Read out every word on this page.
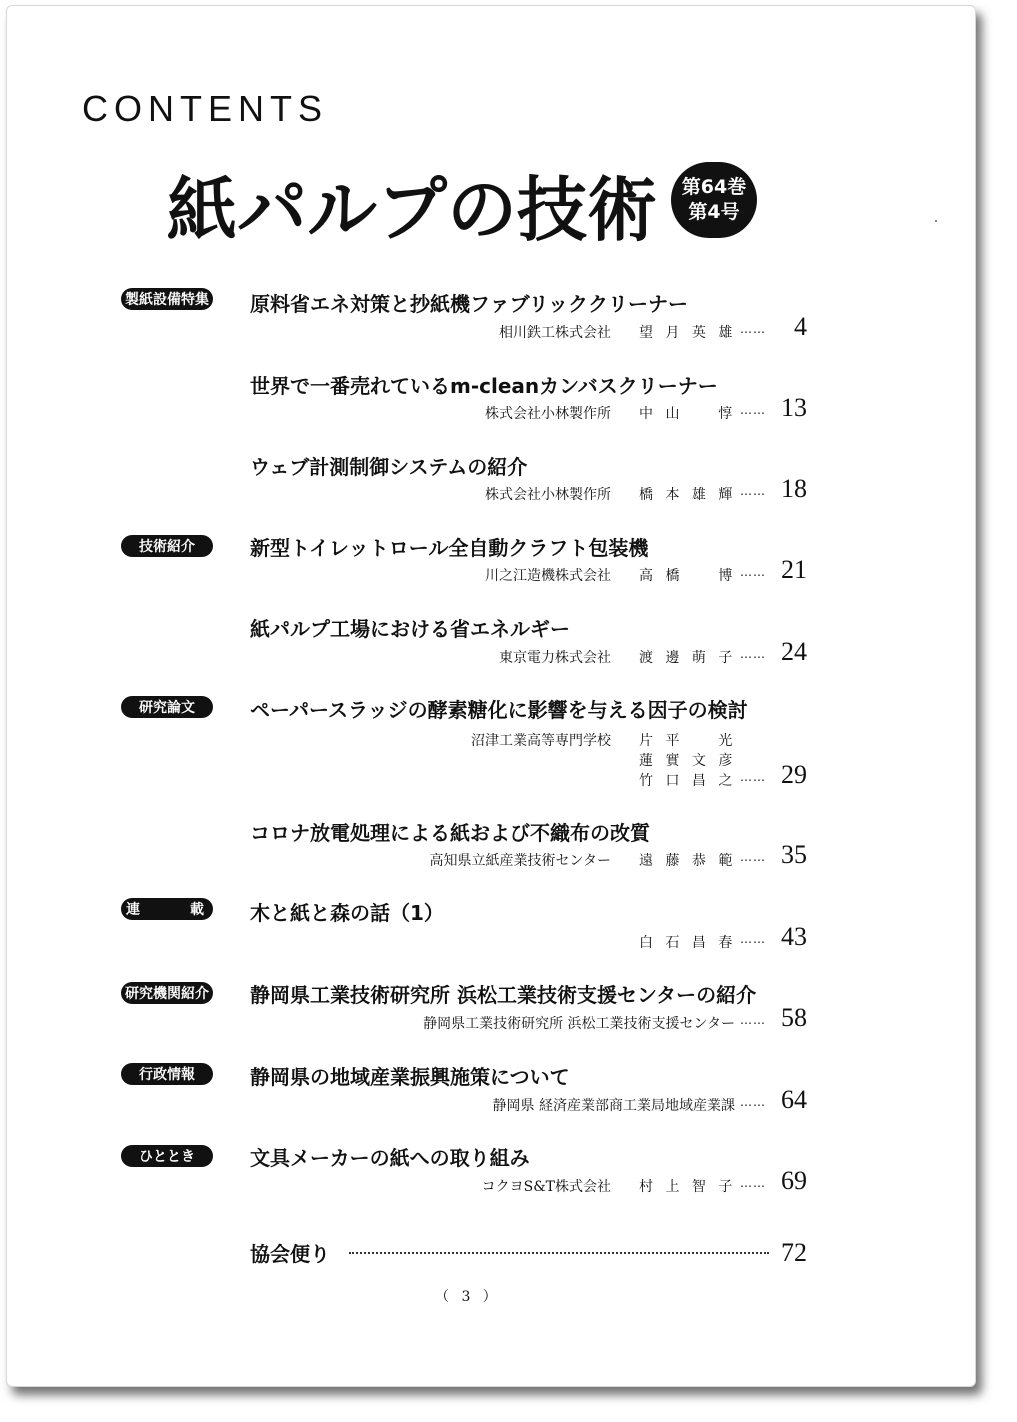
CONTENTS
紙パルプの技術 第64巻
第4号
製紙設備特集 原料省エネ対策と抄紙機ファブリッククリーナー
相川鉄工株式会社 望 月 英 雄 ……	4
世界で一番売れているm-cleanカンバスクリーナー
株式会社小林製作所 中 山 　 惇 …… 13
ウェブ計測制御システムの紹介
株式会社小林製作所 橋 本 雄 輝 …… 18
技術紹介	新型トイレットロール全自動クラフト包装機
川之江造機株式会社 高 橋 　 博 …… 21
紙パルプ工場における省エネルギー
東京電力株式会社 渡 邊 萌 子 …… 24
研究論文	ペーパースラッジの酵素糖化に影響を与える因子の検討
沼津工業高等専門学校 片 平 　 光
蓮 實 文 彦
竹 口 昌 之 …… 29
コロナ放電処理による紙および不織布の改質
高知県立紙産業技術センター 遠 藤 恭 範 …… 35
連　載 木と紙と森の話（1）
白 石 昌 春 …… 43
研究機関紹介 静岡県工業技術研究所 浜松工業技術支援センターの紹介
静岡県工業技術研究所 浜松工業技術支援センター …… 58
行政情報	静岡県の地域産業振興施策について
静岡県 経済産業部商工業局地域産業課 …… 64
ひととき	文具メーカーの紙への取り組み
コクヨS&T株式会社 村 上 智 子 …… 69
協会便り	72
（ 3 ）
